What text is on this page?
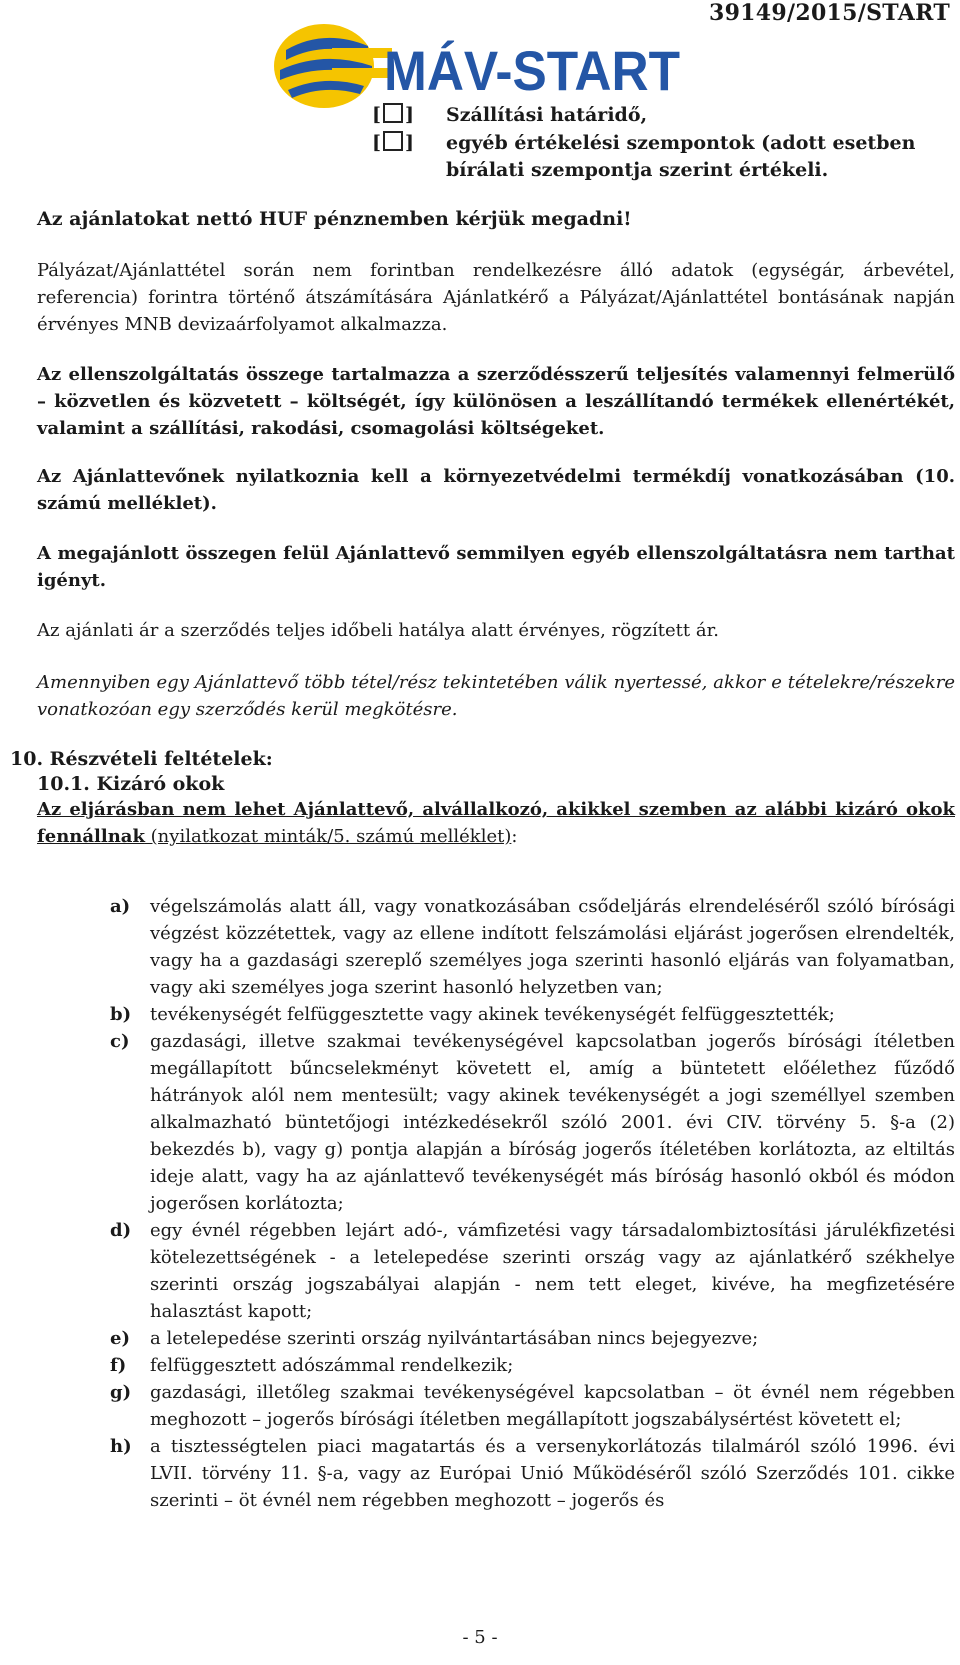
39149/2015/START
MÁV-START
[ ]
[ ]
Szállítási határidő,
egyéb értékelési szempontok (adott esetben
bírálati szempontja szerint értékeli.
Az ajánlatokat nettó HUF pénznemben kérjük megadni!
Pályázat/Ajánlattétel során nem forintban rendelkezésre álló adatok (egységár, árbevétel, referencia) forintra történő átszámítására Ajánlatkérő a Pályázat/Ajánlattétel bontásának napján érvényes MNB devizaárfolyamot alkalmazza.
Az ellenszolgáltatás összege tartalmazza a szerződésszerű teljesítés valamennyi felmerülő – közvetlen és közvetett – költségét, így különösen a leszállítandó termékek ellenértékét, valamint a szállítási, rakodási, csomagolási költségeket.
Az Ajánlattevőnek nyilatkoznia kell a környezetvédelmi termékdíj vonatkozásában (10. számú melléklet).
A megajánlott összegen felül Ajánlattevő semmilyen egyéb ellenszolgáltatásra nem tarthat igényt.
Az ajánlati ár a szerződés teljes időbeli hatálya alatt érvényes, rögzített ár.
Amennyiben egy Ajánlattevő több tétel/rész tekintetében válik nyertessé, akkor e tételekre/részekre vonatkozóan egy szerződés kerül megkötésre.
10. Részvételi feltételek:
10.1. Kizáró okok
Az eljárásban nem lehet Ajánlattevő, alvállalkozó, akikkel szemben az alábbi kizáró okok fennállnak (nyilatkozat minták/5. számú melléklet):
a)	végelszámolás alatt áll, vagy vonatkozásában csődeljárás elrendeléséről szóló bírósági végzést közzétettek, vagy az ellene indított felszámolási eljárást jogerősen elrendelték, vagy ha a gazdasági szereplő személyes joga szerinti hasonló eljárás van folyamatban, vagy aki személyes joga szerint hasonló helyzetben van;
b)	tevékenységét felfüggesztette vagy akinek tevékenységét felfüggesztették;
c)	gazdasági, illetve szakmai tevékenységével kapcsolatban jogerős bírósági ítéletben megállapított bűncselekményt követett el, amíg a büntetett előélethez fűződő hátrányok alól nem mentesült; vagy akinek tevékenységét a jogi személlyel szemben alkalmazható büntetőjogi intézkedésekről szóló 2001. évi CIV. törvény 5. §-a (2) bekezdés b), vagy g) pontja alapján a bíróság jogerős ítéletében korlátozta, az eltiltás ideje alatt, vagy ha az ajánlattevő tevékenységét más bíróság hasonló okból és módon jogerősen korlátozta;
d)	egy évnél régebben lejárt adó-, vámfizetési vagy társadalombiztosítási járulékfizetési kötelezettségének - a letelepedése szerinti ország vagy az ajánlatkérő székhelye szerinti ország jogszabályai alapján - nem tett eleget, kivéve, ha megfizetésére halasztást kapott;
e)	a letelepedése szerinti ország nyilvántartásában nincs bejegyezve;
f)	felfüggesztett adószámmal rendelkezik;
g)	gazdasági, illetőleg szakmai tevékenységével kapcsolatban – öt évnél nem régebben meghozott – jogerős bírósági ítéletben megállapított jogszabálysértést követett el;
h)	a tisztességtelen piaci magatartás és a versenykorlátozás tilalmáról szóló 1996. évi LVII. törvény 11. §-a, vagy az Európai Unió Működéséről szóló Szerződés 101. cikke szerinti – öt évnél nem régebben meghozott – jogerős és
- 5 -
